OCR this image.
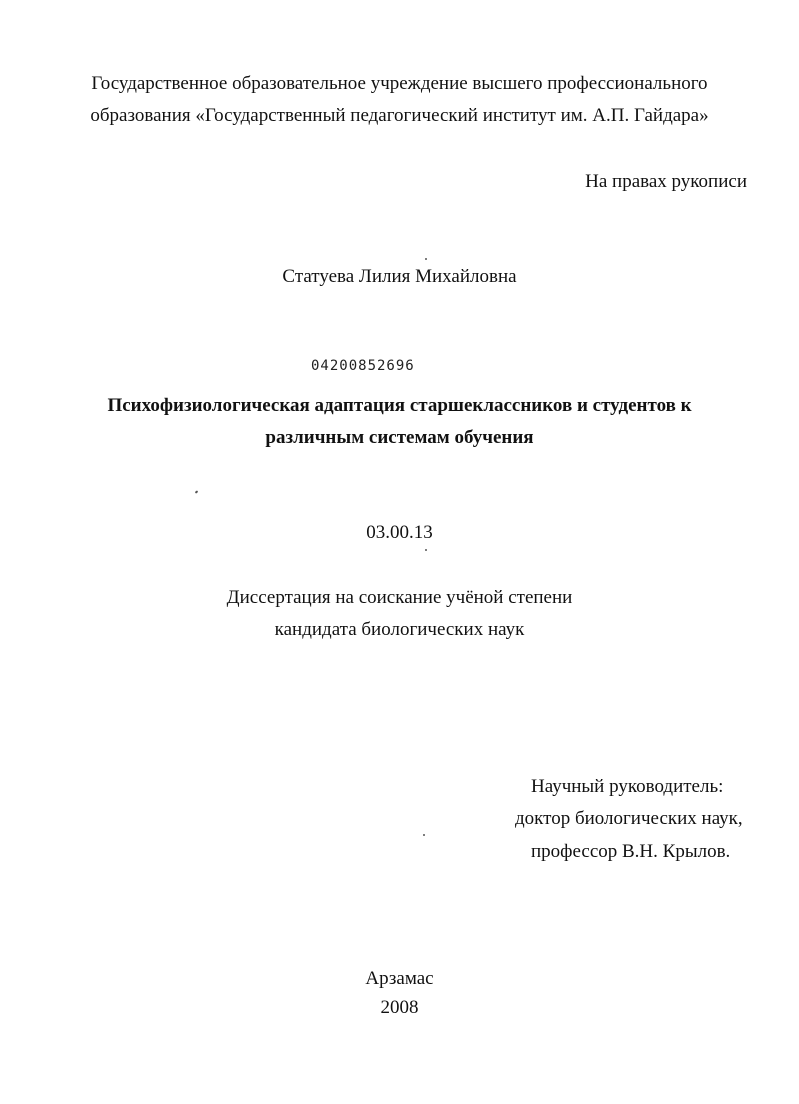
Государственное образовательное учреждение высшего профессионального
образования «Государственный педагогический институт им. А.П. Гайдара»
На правах рукописи
Статуева Лилия Михайловна
04200852696
Психофизиологическая адаптация старшеклассников и студентов к
различным системам обучения
03.00.13
Диссертация на соискание учёной степени
кандидата биологических наук
Научный руководитель:
доктор биологических наук,
профессор В.Н. Крылов.
Арзамас
2008
